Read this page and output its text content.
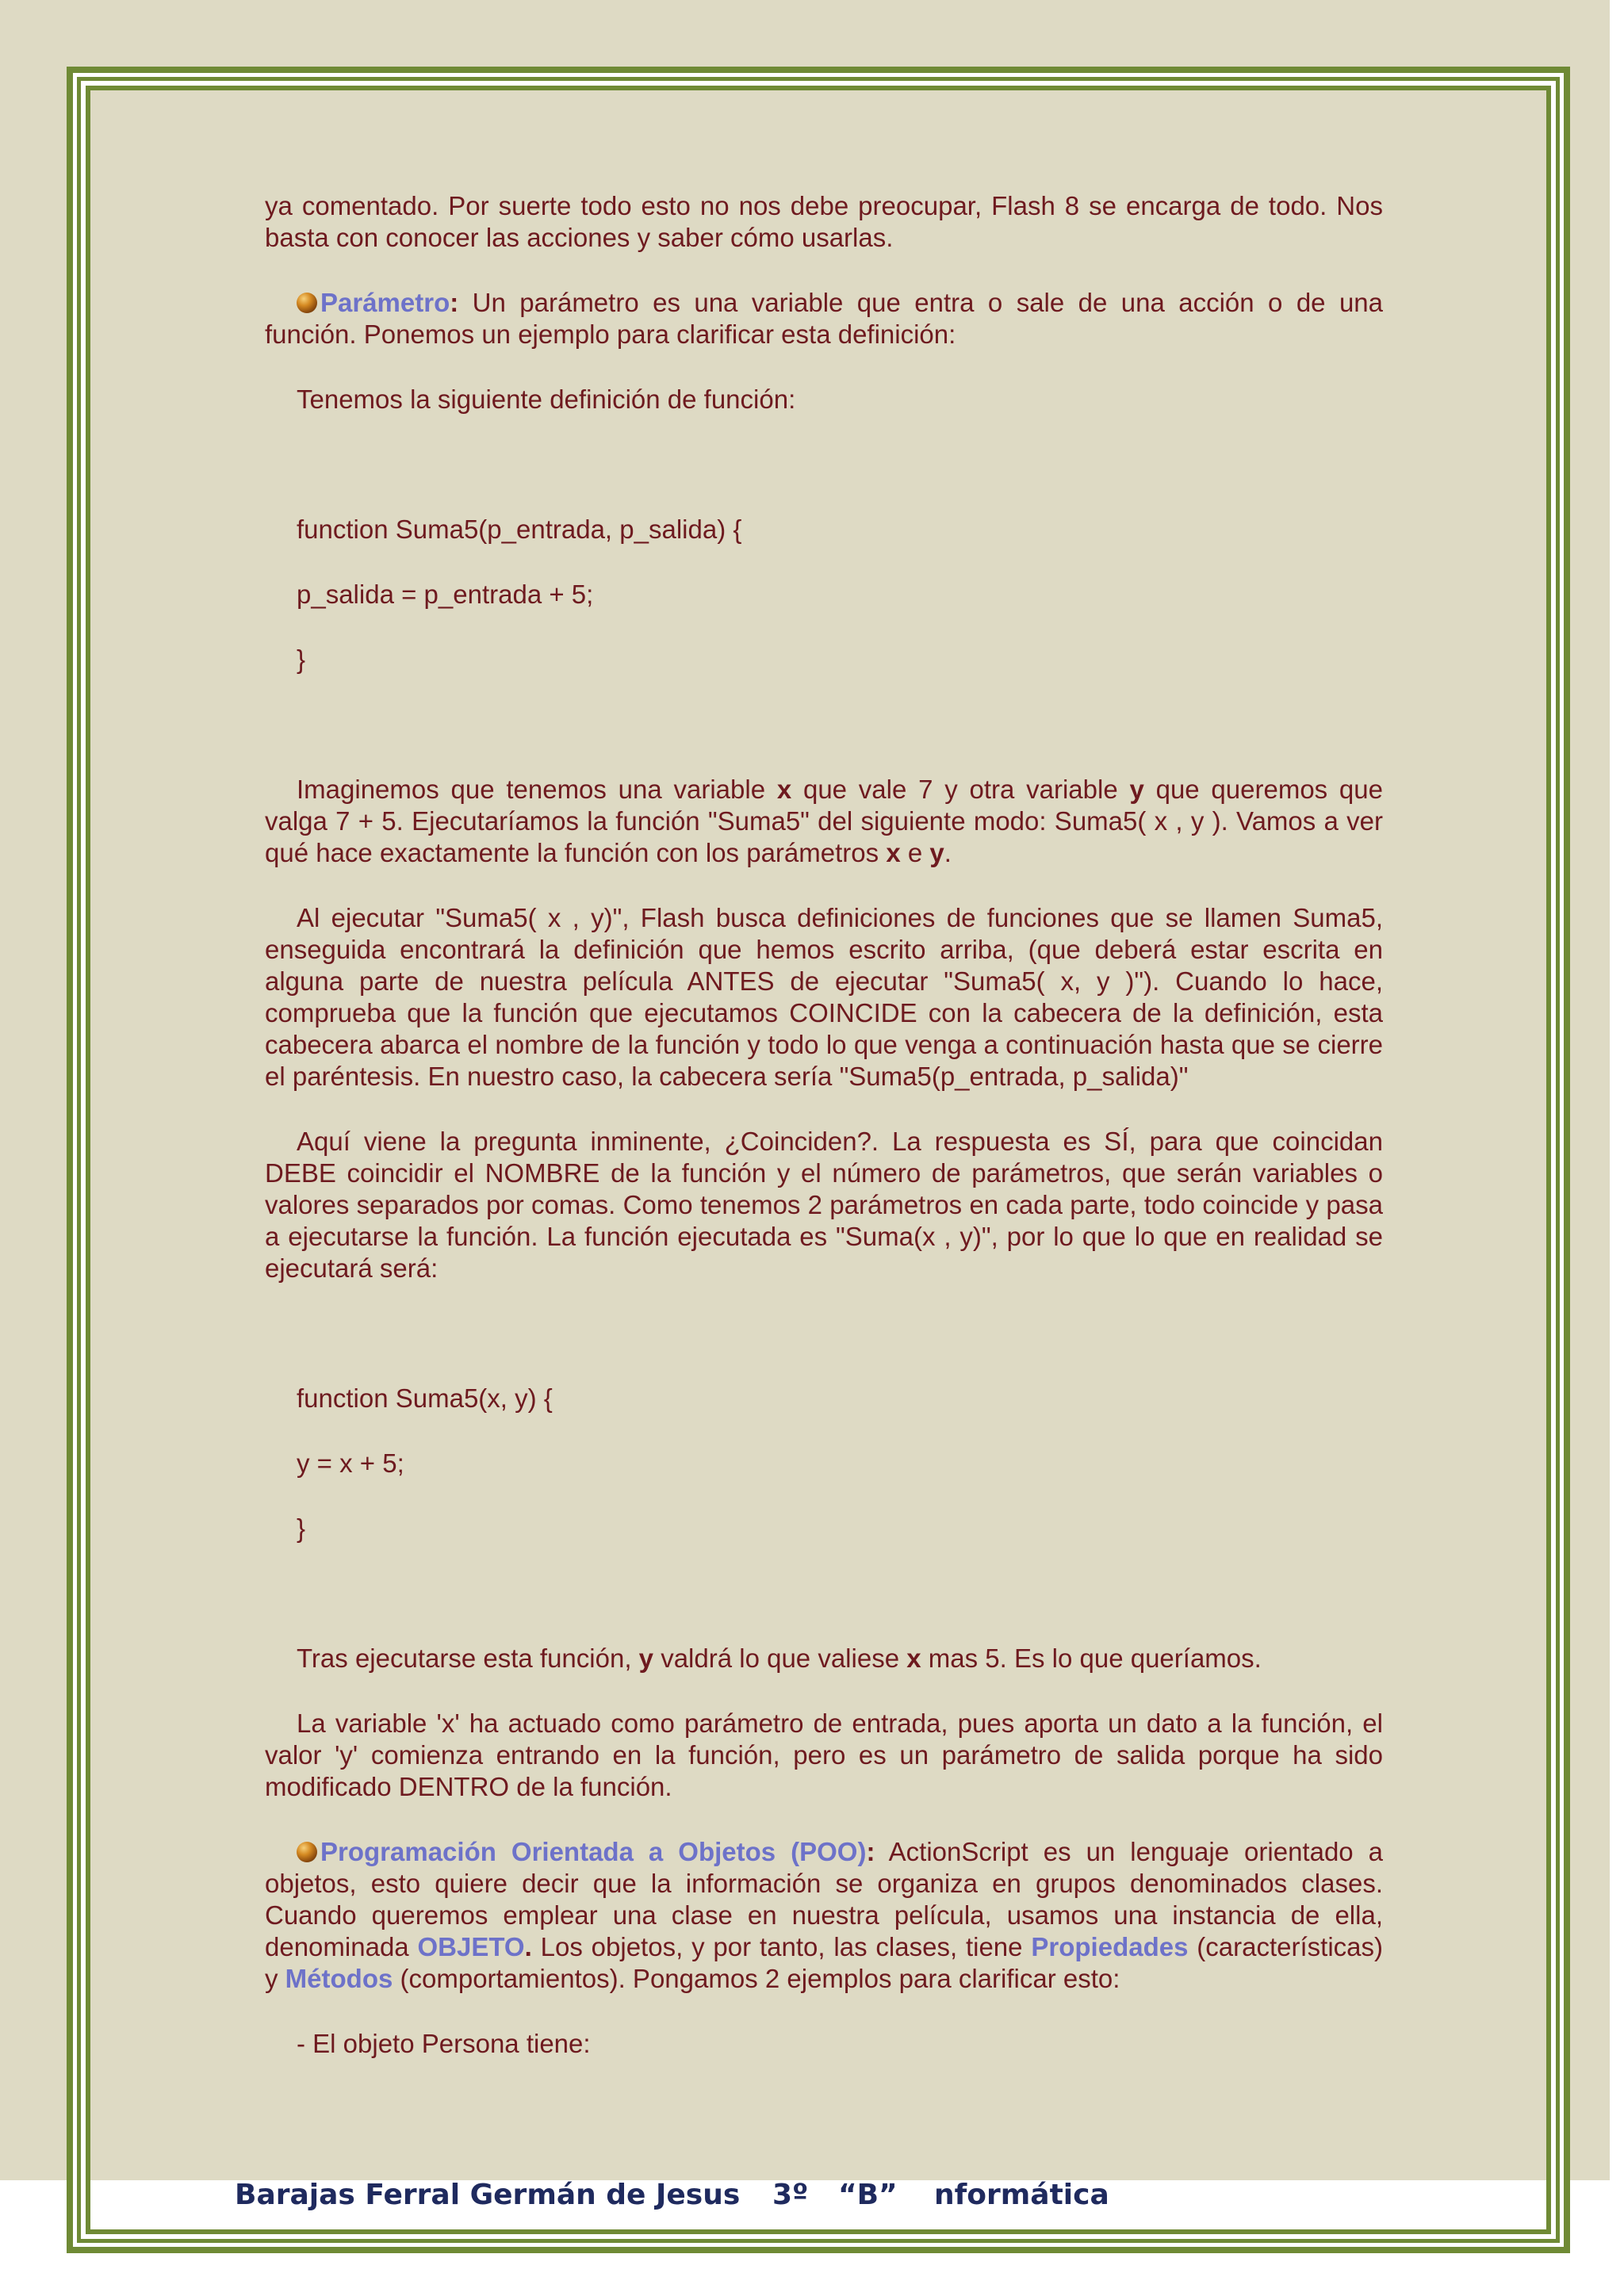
ya comentado. Por suerte todo esto no nos debe preocupar, Flash 8 se encarga de todo. Nos basta con conocer las acciones y saber cómo usarlas.

Parámetro: Un parámetro es una variable que entra o sale de una acción o de una función. Ponemos un ejemplo para clarificar esta definición:

Tenemos la siguiente definición de función:

function Suma5(p_entrada, p_salida) {

p_salida = p_entrada + 5;

}

Imaginemos que tenemos una variable x que vale 7 y otra variable y que queremos que valga 7 + 5. Ejecutaríamos la función "Suma5" del siguiente modo: Suma5( x , y ). Vamos a ver qué hace exactamente la función con los parámetros x e y.

Al ejecutar "Suma5( x , y)", Flash busca definiciones de funciones que se llamen Suma5, enseguida encontrará la definición que hemos escrito arriba, (que deberá estar escrita en alguna parte de nuestra película ANTES de ejecutar "Suma5( x, y )"). Cuando lo hace, comprueba que la función que ejecutamos COINCIDE con la cabecera de la definición, esta cabecera abarca el nombre de la función y todo lo que venga a continuación hasta que se cierre el paréntesis. En nuestro caso, la cabecera sería "Suma5(p_entrada, p_salida)"

Aquí viene la pregunta inminente, ¿Coinciden?. La respuesta es SÍ, para que coincidan DEBE coincidir el NOMBRE de la función y el número de parámetros, que serán variables o valores separados por comas. Como tenemos 2 parámetros en cada parte, todo coincide y pasa a ejecutarse la función. La función ejecutada es "Suma(x , y)", por lo que lo que en realidad se ejecutará será:

function Suma5(x, y) {

y = x + 5;

}

Tras ejecutarse esta función, y valdrá lo que valiese x mas 5. Es lo que queríamos.

La variable 'x' ha actuado como parámetro de entrada, pues aporta un dato a la función, el valor 'y' comienza entrando en la función, pero es un parámetro de salida porque ha sido modificado DENTRO de la función.

Programación Orientada a Objetos (POO): ActionScript es un lenguaje orientado a objetos, esto quiere decir que la información se organiza en grupos denominados clases. Cuando queremos emplear una clase en nuestra película, usamos una instancia de ella, denominada OBJETO. Los objetos, y por tanto, las clases, tiene Propiedades (características) y Métodos (comportamientos). Pongamos 2 ejemplos para clarificar esto:

- El objeto Persona tiene:

Barajas Ferral Germán de Jesus 3º   “B” nformática
